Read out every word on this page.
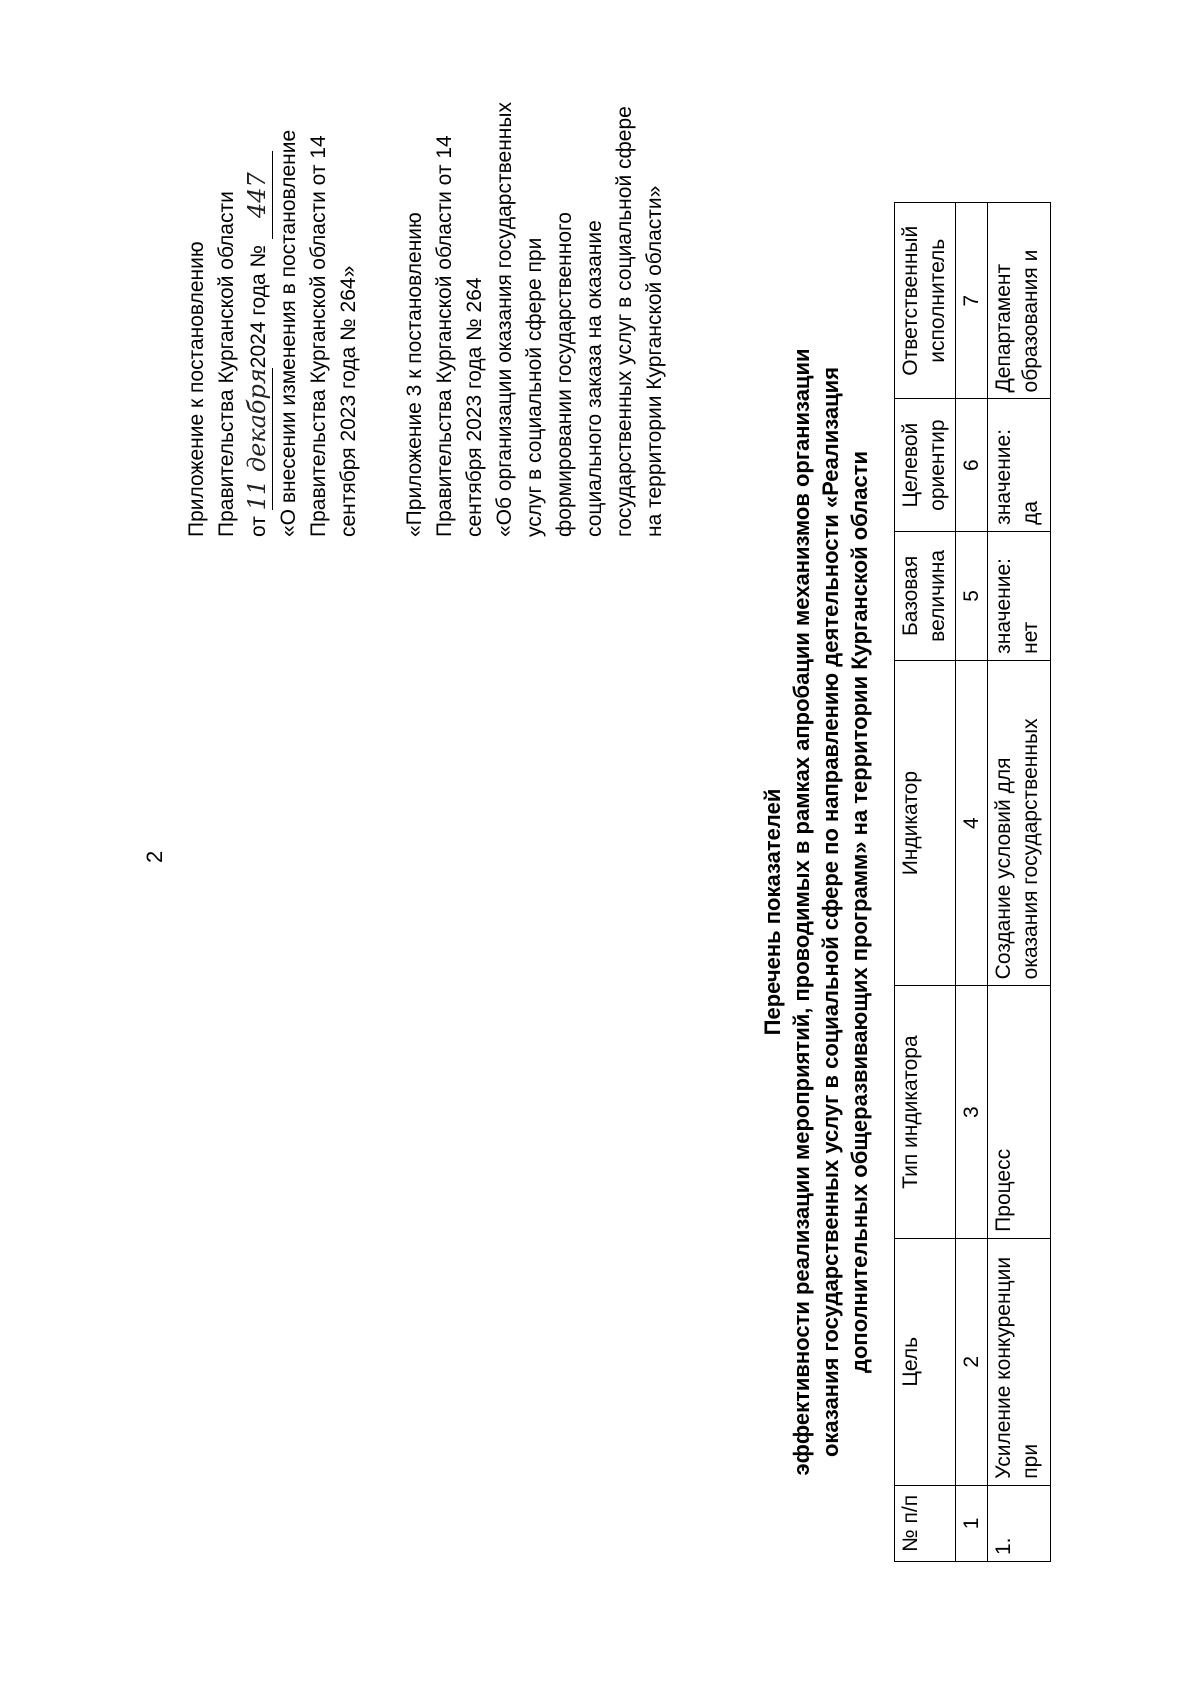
2

Приложение к постановлению Правительства Курганской области от 11 декабря2024 года № 447 «О внесении изменения в постановление Правительства Курганской области от 14 сентября 2023 года № 264» «Приложение 3 к постановлению Правительства Курганской области от 14 сентября 2023 года № 264 «Об организации оказания государственных услуг в социальной сфере при формировании государственного социального заказа на оказание государственных услуг в социальной сфере на территории Курганской области»

Перечень показателей эффективности реализации мероприятий, проводимых в рамках апробации механизмов организации оказания государственных услуг в социальной сфере по направлению деятельности «Реализация дополнительных общеразвивающих программ» на территории Курганской области
№ п/п	Цель	Тип индикатора	Индикатор	Базовая величина	Целевой ориентир	Ответственный исполнитель
1	2	3	4	5	6	7
1.	Усиление конкуренции при	Процесс	Создание условий для оказания государственных	значение: нет	значение: да	Департамент образования и
